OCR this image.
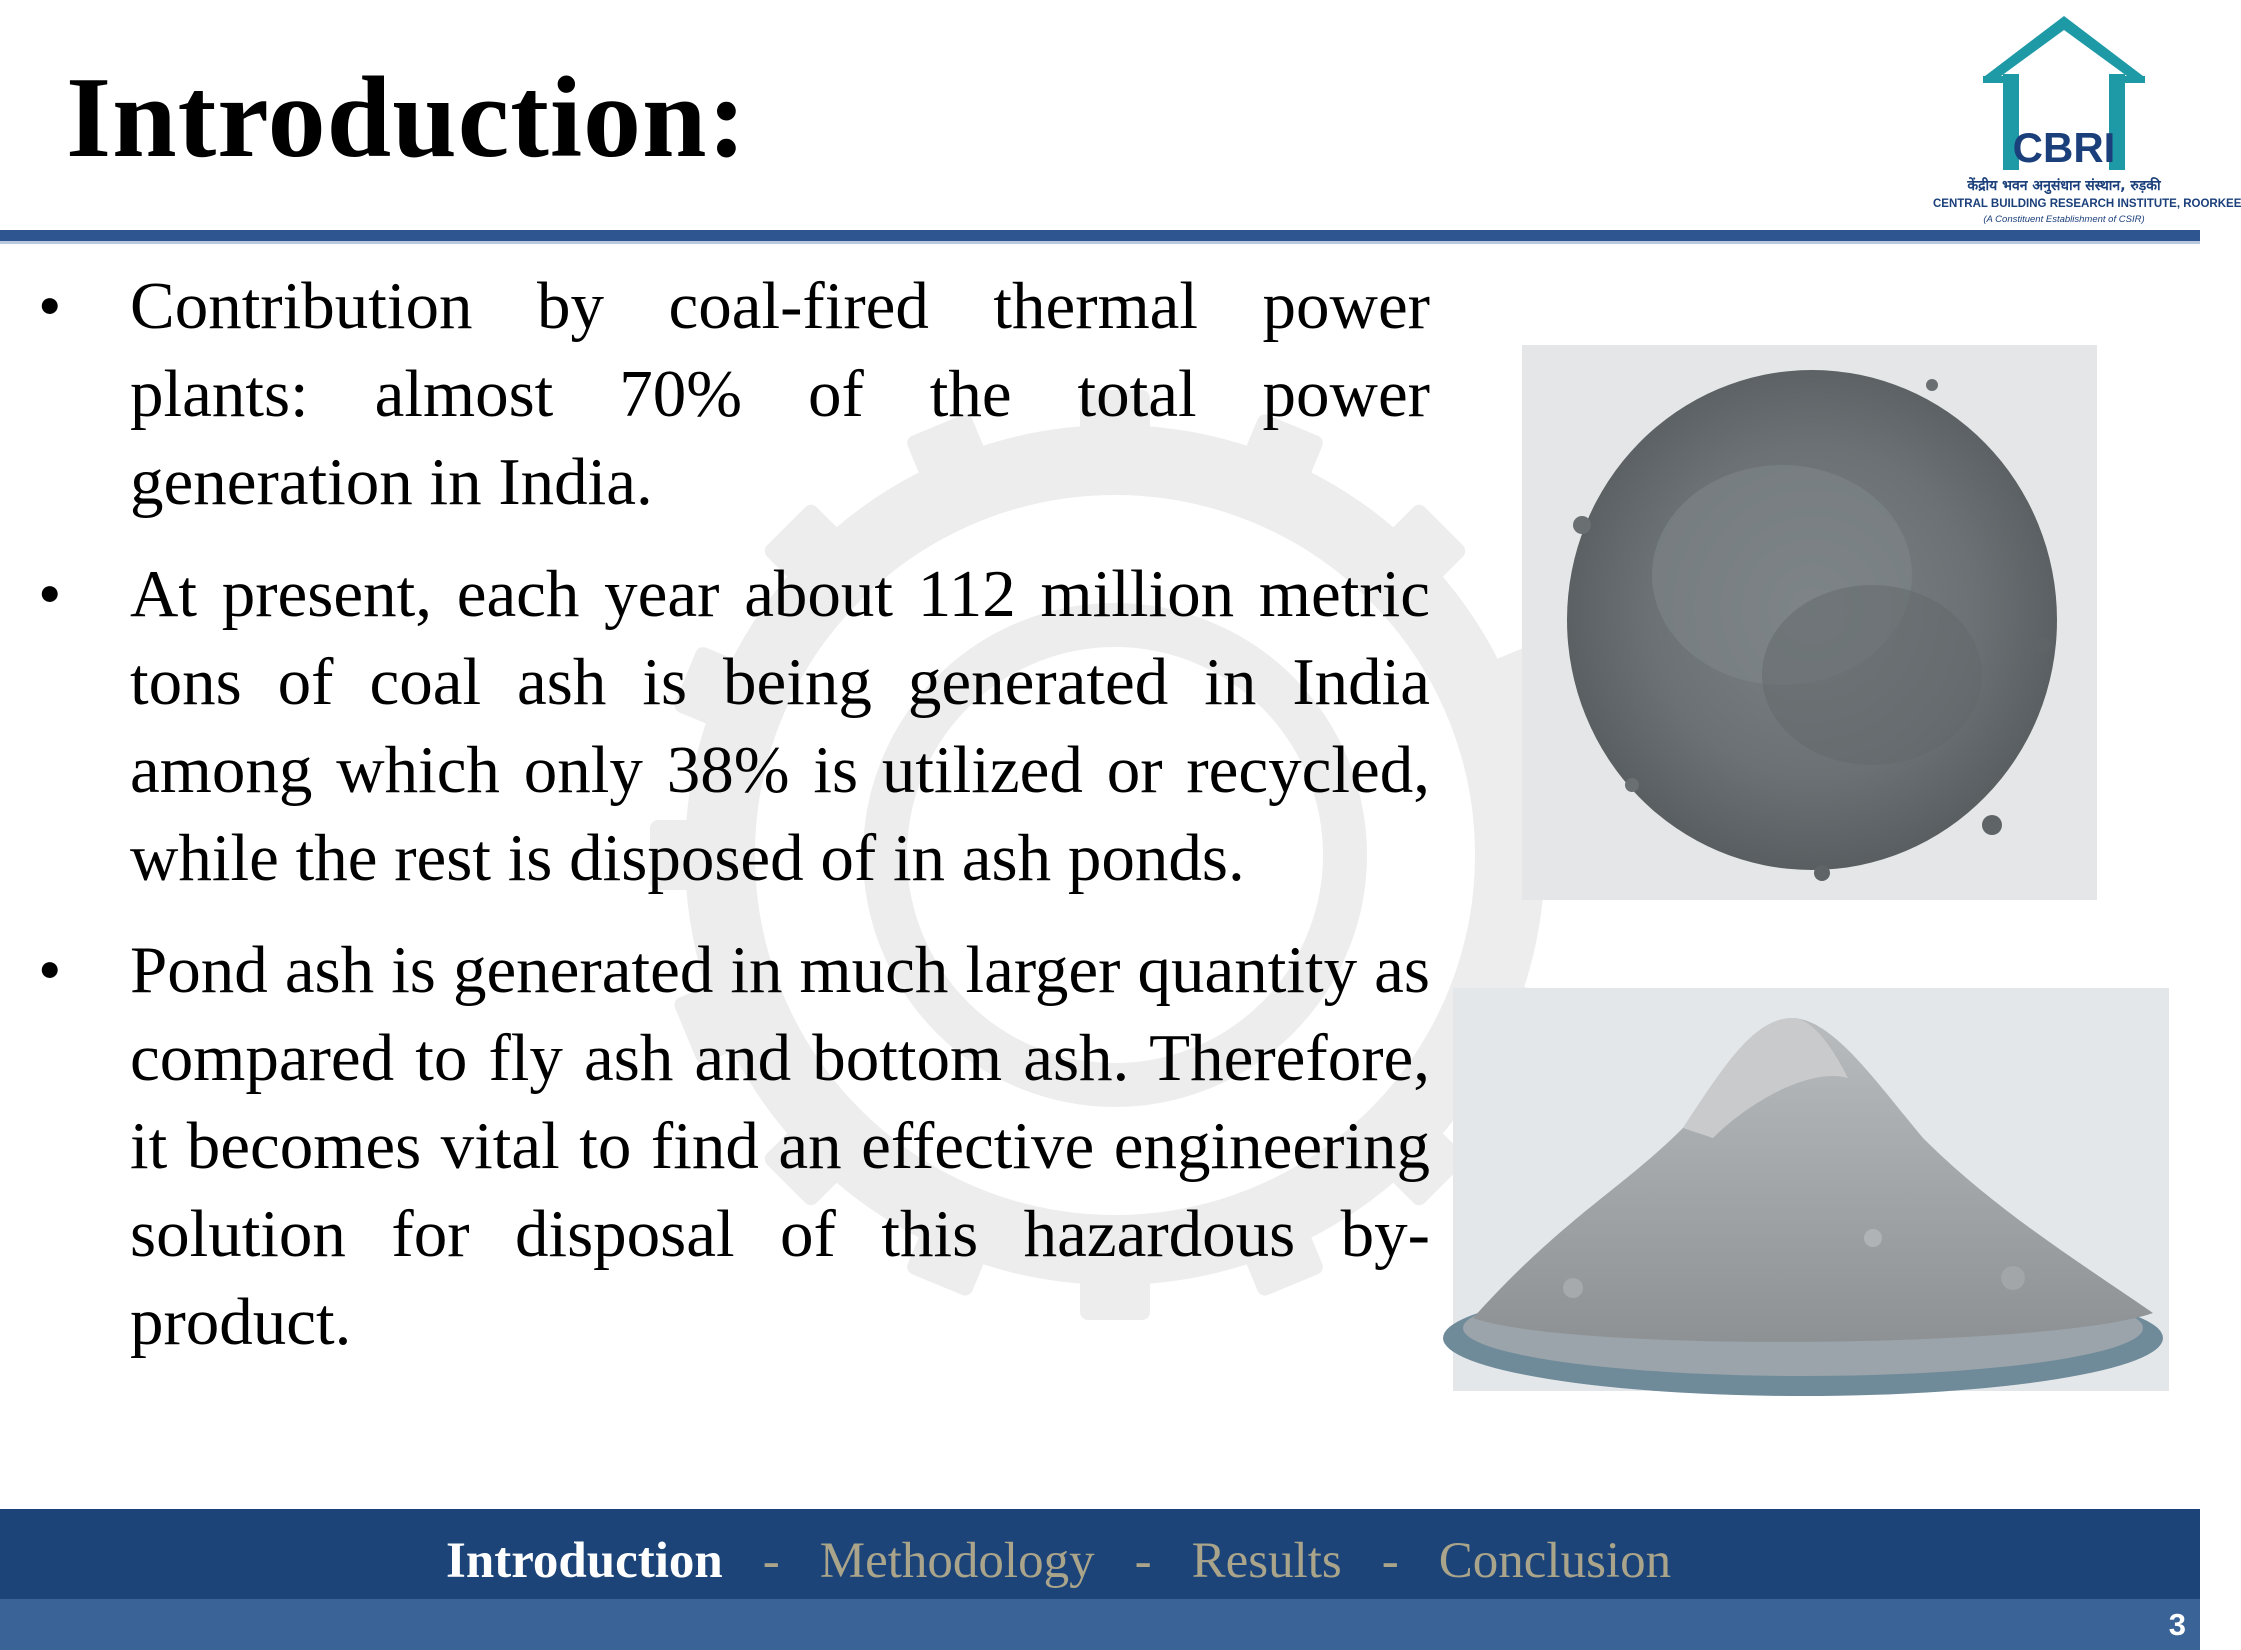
Introduction:	CBRI
केंद्रीय भवन अनुसंधान संस्थान, रुड़की
CENTRAL BUILDING RESEARCH INSTITUTE, ROORKEE
(A Constituent Establishment of CSIR)
• Contribution by coal-fired thermal power plants: almost 70% of the total power generation in India.
• At present, each year about 112 million metric tons of coal ash is being generated in India among which only 38% is utilized or recycled, while the rest is disposed of in ash ponds.
• Pond ash is generated in much larger quantity as compared to fly ash and bottom ash. Therefore, it becomes vital to find an effective engineering solution for disposal of this hazardous by-product.
Introduction - Methodology - Results - Conclusion
3
